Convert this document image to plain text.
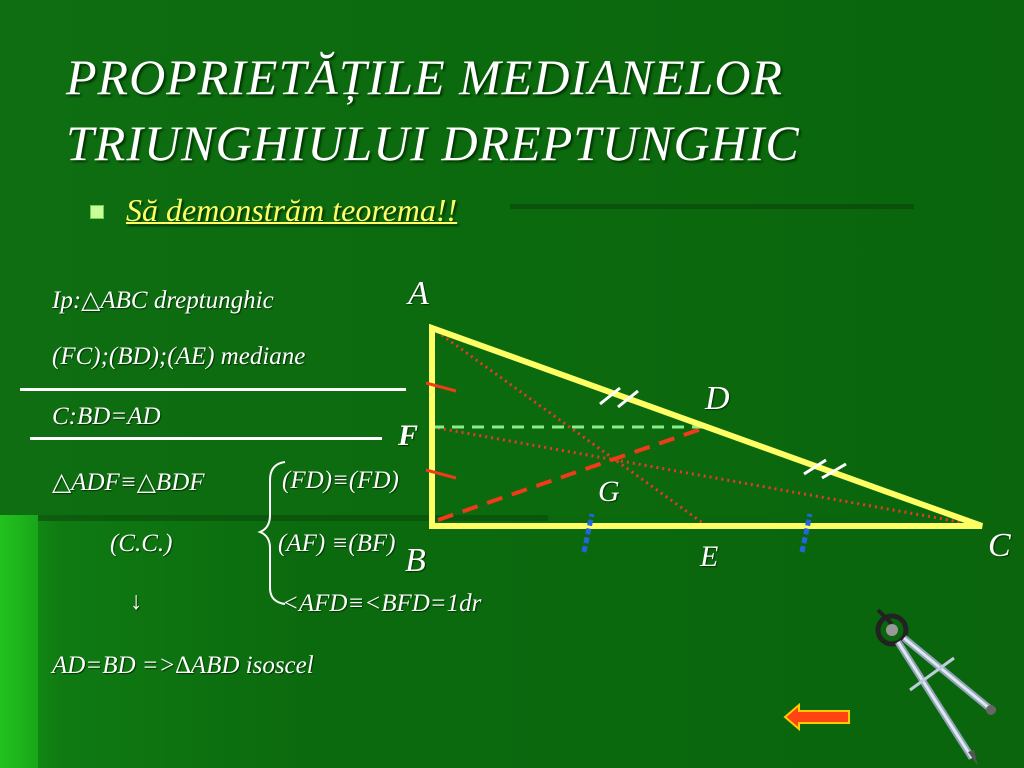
PROPRIETĂȚILE MEDIANELOR
TRIUNGHIULUI DREPTUNGHIC
Să demonstrăm teorema!!
Ip:△ABC dreptunghic
(FC);(BD);(AE) mediane
C:BD=AD
△ADF≡△BDF	(FD)≡(FD)
(C.C.)	(AF) ≡(BF)
↓	<AFD≡<BFD=1dr
AD=BD =>∆ABD isoscel
A
D
F
G
B	E	C
